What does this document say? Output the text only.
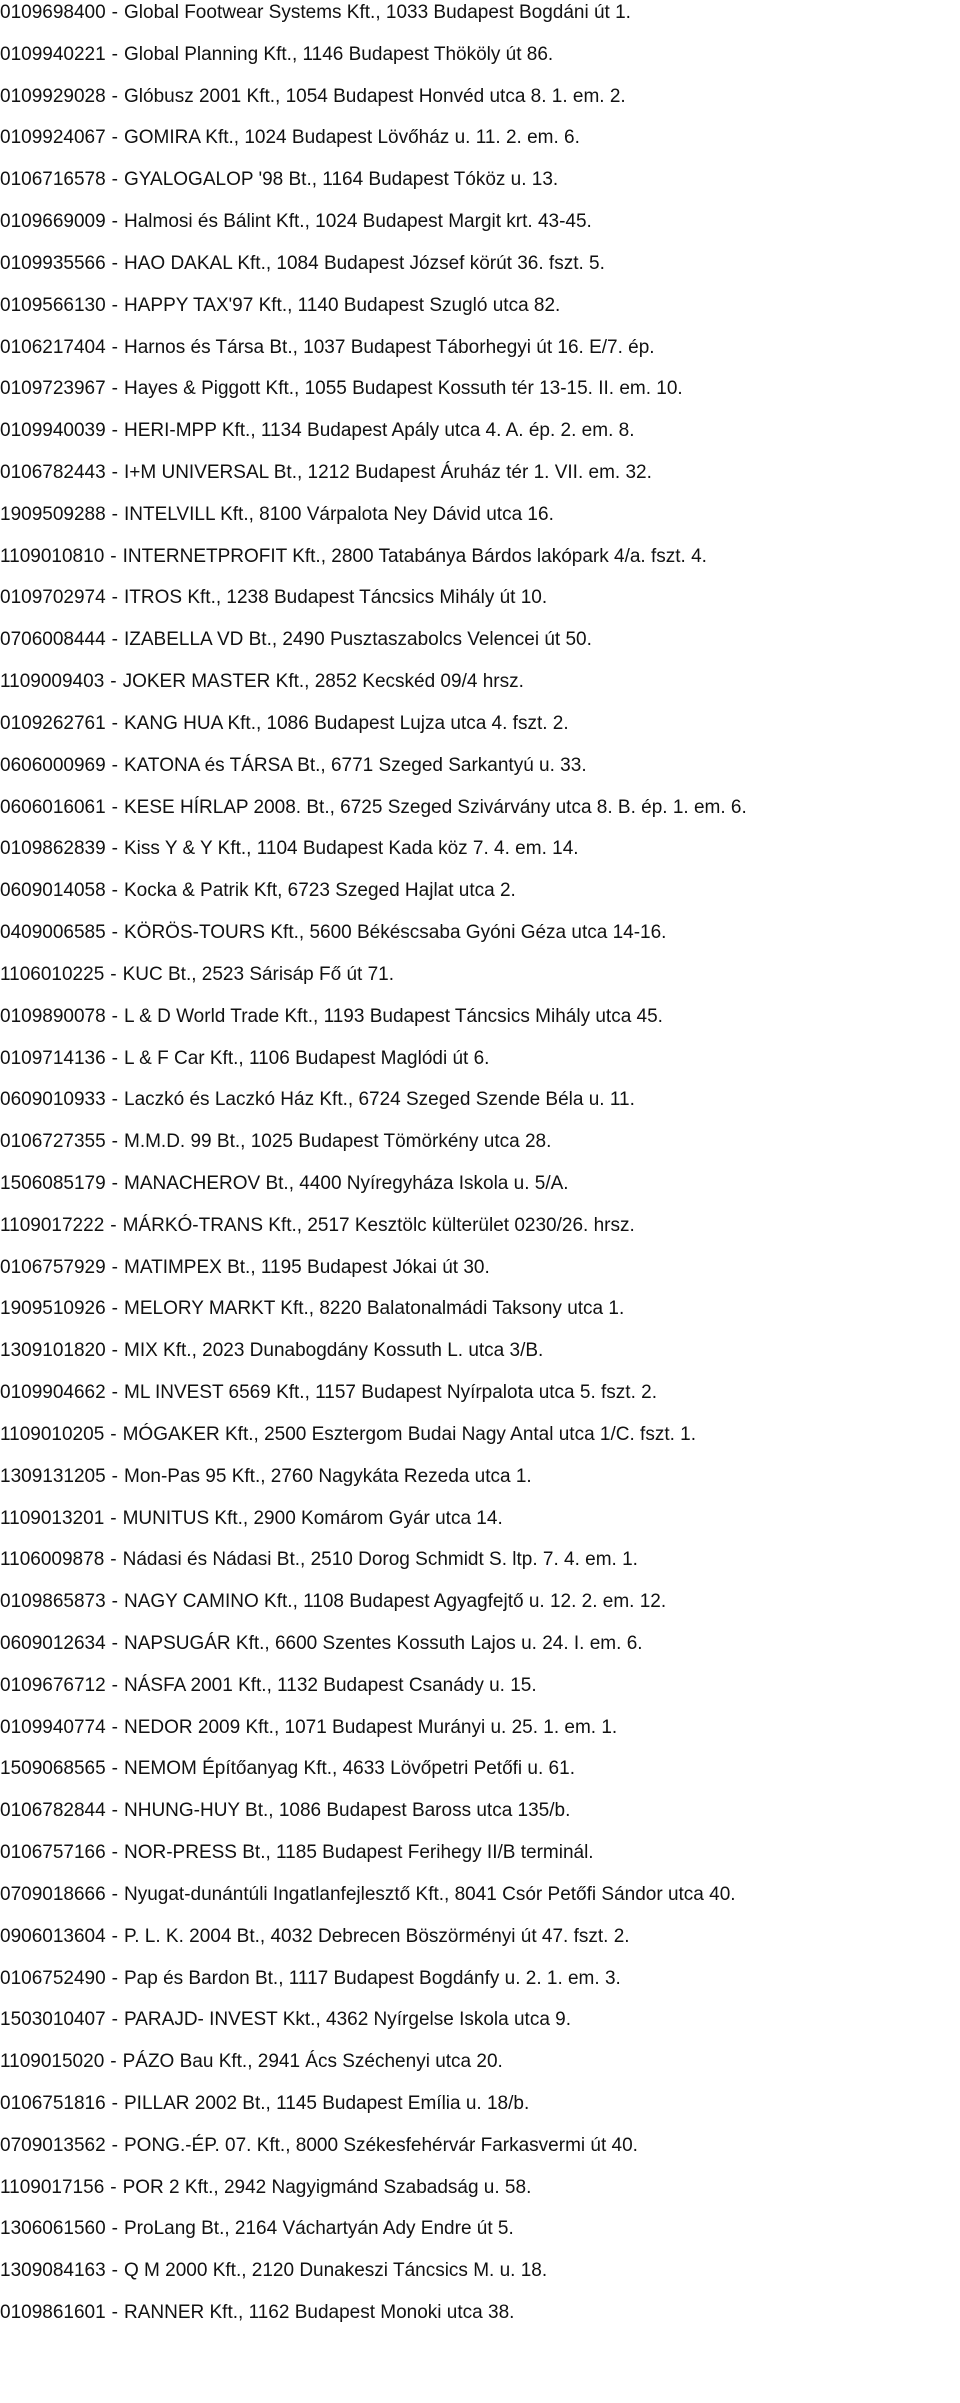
0109698400 - Global Footwear Systems Kft., 1033 Budapest Bogdáni út 1.
0109940221 - Global Planning Kft., 1146 Budapest Thököly út 86.
0109929028 - Glóbusz 2001 Kft., 1054 Budapest Honvéd utca 8. 1. em. 2.
0109924067 - GOMIRA Kft., 1024 Budapest Lövőház u. 11. 2. em. 6.
0106716578 - GYALOGALOP '98 Bt., 1164 Budapest Tóköz u. 13.
0109669009 - Halmosi és Bálint Kft., 1024 Budapest Margit krt. 43-45.
0109935566 - HAO DAKAL Kft., 1084 Budapest József körút 36. fszt. 5.
0109566130 - HAPPY TAX'97 Kft., 1140 Budapest Szugló utca 82.
0106217404 - Harnos és Társa Bt., 1037 Budapest Táborhegyi út 16. E/7. ép.
0109723967 - Hayes & Piggott Kft., 1055 Budapest Kossuth tér 13-15. II. em. 10.
0109940039 - HERI-MPP Kft., 1134 Budapest Apály utca 4. A. ép. 2. em. 8.
0106782443 - I+M UNIVERSAL Bt., 1212 Budapest Áruház tér 1. VII. em. 32.
1909509288 - INTELVILL Kft., 8100 Várpalota Ney Dávid utca 16.
1109010810 - INTERNETPROFIT Kft., 2800 Tatabánya Bárdos lakópark 4/a. fszt. 4.
0109702974 - ITROS Kft., 1238 Budapest Táncsics Mihály út 10.
0706008444 - IZABELLA VD Bt., 2490 Pusztaszabolcs Velencei út 50.
1109009403 - JOKER MASTER Kft., 2852 Kecskéd 09/4 hrsz.
0109262761 - KANG HUA Kft., 1086 Budapest Lujza utca 4. fszt. 2.
0606000969 - KATONA és TÁRSA Bt., 6771 Szeged Sarkantyú u. 33.
0606016061 - KESE HÍRLAP 2008. Bt., 6725 Szeged Szivárvány utca 8. B. ép. 1. em. 6.
0109862839 - Kiss Y & Y Kft., 1104 Budapest Kada köz 7. 4. em. 14.
0609014058 - Kocka & Patrik Kft, 6723 Szeged Hajlat utca 2.
0409006585 - KÖRÖS-TOURS Kft., 5600 Békéscsaba Gyóni Géza utca 14-16.
1106010225 - KUC Bt., 2523 Sárisáp Fő út 71.
0109890078 - L & D World Trade Kft., 1193 Budapest Táncsics Mihály utca 45.
0109714136 - L & F Car Kft., 1106 Budapest Maglódi út 6.
0609010933 - Laczkó és Laczkó Ház Kft., 6724 Szeged Szende Béla u. 11.
0106727355 - M.M.D. 99 Bt., 1025 Budapest Tömörkény utca 28.
1506085179 - MANACHEROV Bt., 4400 Nyíregyháza Iskola u. 5/A.
1109017222 - MÁRKÓ-TRANS Kft., 2517 Kesztölc külterület 0230/26. hrsz.
0106757929 - MATIMPEX Bt., 1195 Budapest Jókai út 30.
1909510926 - MELORY MARKT Kft., 8220 Balatonalmádi Taksony utca 1.
1309101820 - MIX Kft., 2023 Dunabogdány Kossuth L. utca 3/B.
0109904662 - ML INVEST 6569 Kft., 1157 Budapest Nyírpalota utca 5. fszt. 2.
1109010205 - MÓGAKER Kft., 2500 Esztergom Budai Nagy Antal utca 1/C. fszt. 1.
1309131205 - Mon-Pas 95 Kft., 2760 Nagykáta Rezeda utca 1.
1109013201 - MUNITUS Kft., 2900 Komárom Gyár utca 14.
1106009878 - Nádasi és Nádasi Bt., 2510 Dorog Schmidt S. ltp. 7. 4. em. 1.
0109865873 - NAGY CAMINO Kft., 1108 Budapest Agyagfejtő u. 12. 2. em. 12.
0609012634 - NAPSUGÁR Kft., 6600 Szentes Kossuth Lajos u. 24. I. em. 6.
0109676712 - NÁSFA 2001 Kft., 1132 Budapest Csanády u. 15.
0109940774 - NEDOR 2009 Kft., 1071 Budapest Murányi u. 25. 1. em. 1.
1509068565 - NEMOM Építőanyag Kft., 4633 Lövőpetri Petőfi u. 61.
0106782844 - NHUNG-HUY Bt., 1086 Budapest Baross utca 135/b.
0106757166 - NOR-PRESS Bt., 1185 Budapest Ferihegy II/B terminál.
0709018666 - Nyugat-dunántúli Ingatlanfejlesztő Kft., 8041 Csór Petőfi Sándor utca 40.
0906013604 - P. L. K. 2004 Bt., 4032 Debrecen Böszörményi út 47. fszt. 2.
0106752490 - Pap és Bardon Bt., 1117 Budapest Bogdánfy u. 2. 1. em. 3.
1503010407 - PARAJD- INVEST Kkt., 4362 Nyírgelse Iskola utca 9.
1109015020 - PÁZO Bau Kft., 2941 Ács Széchenyi utca 20.
0106751816 - PILLAR 2002 Bt., 1145 Budapest Emília u. 18/b.
0709013562 - PONG.-ÉP. 07. Kft., 8000 Székesfehérvár Farkasvermi út 40.
1109017156 - POR 2 Kft., 2942 Nagyigmánd Szabadság u. 58.
1306061560 - ProLang Bt., 2164 Váchartyán Ady Endre út 5.
1309084163 - Q M 2000 Kft., 2120 Dunakeszi Táncsics M. u. 18.
0109861601 - RANNER Kft., 1162 Budapest Monoki utca 38.
